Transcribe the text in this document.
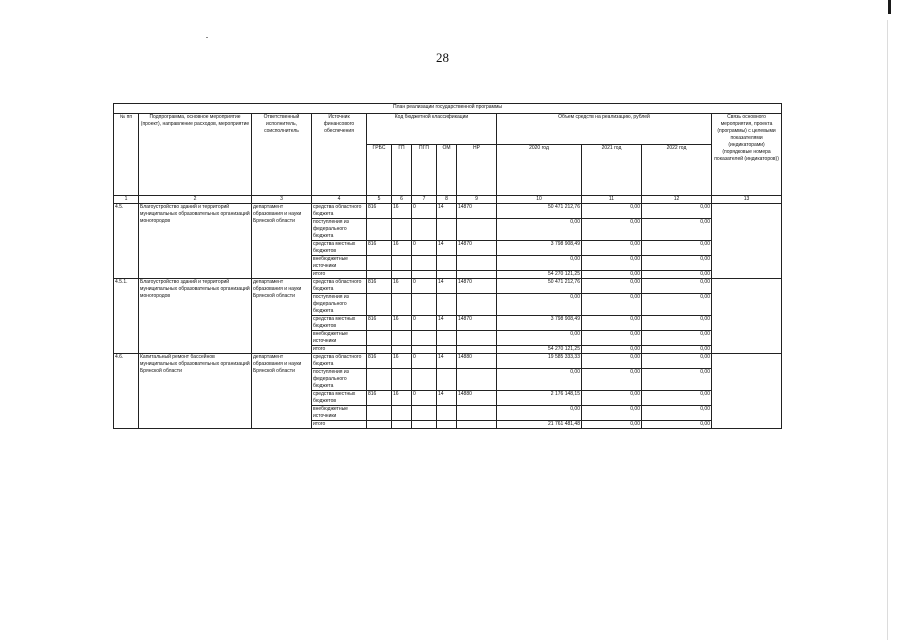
28
План реализации государственной программы												
№ пп	Подпрограмма, основное мероприятие (проект), направление расходов, мероприятие	Ответственный исполнитель, соисполнитель	Источник финансового обеспечения	Код бюджетной классификации					Объем средств на реализацию, рублей			Связь основного мероприятия, проекта (программы) с целевыми показателями (индикаторами) (порядковые номера показателей (индикаторов))
				ГРБС	ГП	ПГП	ОМ	НР	2020 год	2021 год	2022 год	
1	2	3	4	5	6	7	8	9	10	11	12	13
4.5.	Благоустройство зданий и территорий муниципальных образовательных организаций моногородов	департамент образования и науки Брянской области	средства областного бюджета	816	16	0	14	14870	50 471 212,76	0,00	0,00	
			поступления из федерального бюджета						0,00	0,00	0,00	
			средства местных бюджетов	816	16	0	14	14870	3 798 908,49	0,00	0,00	
			внебюджетные источники						0,00	0,00	0,00	
			итого						54 270 121,25	0,00	0,00	
4.5.1.	Благоустройство зданий и территорий муниципальных образовательных организаций моногородов	департамент образования и науки Брянской области	средства областного бюджета	816	16	0	14	14870	50 471 212,76	0,00	0,00	
			поступления из федерального бюджета						0,00	0,00	0,00	
			средства местных бюджетов	816	16	0	14	14870	3 798 908,49	0,00	0,00	
			внебюджетные источники						0,00	0,00	0,00	
			итого						54 270 121,25	0,00	0,00	
4.6.	Капитальный ремонт бассейнов муниципальных образовательных организаций Брянской области	департамент образования и науки Брянской области	средства областного бюджета	816	16	0	14	14880	19 585 333,33	0,00	0,00	
			поступления из федерального бюджета						0,00	0,00	0,00	
			средства местных бюджетов	816	16	0	14	14880	2 176 148,15	0,00	0,00	
			внебюджетные источники						0,00	0,00	0,00	
			итого						21 761 481,48	0,00	0,00	
